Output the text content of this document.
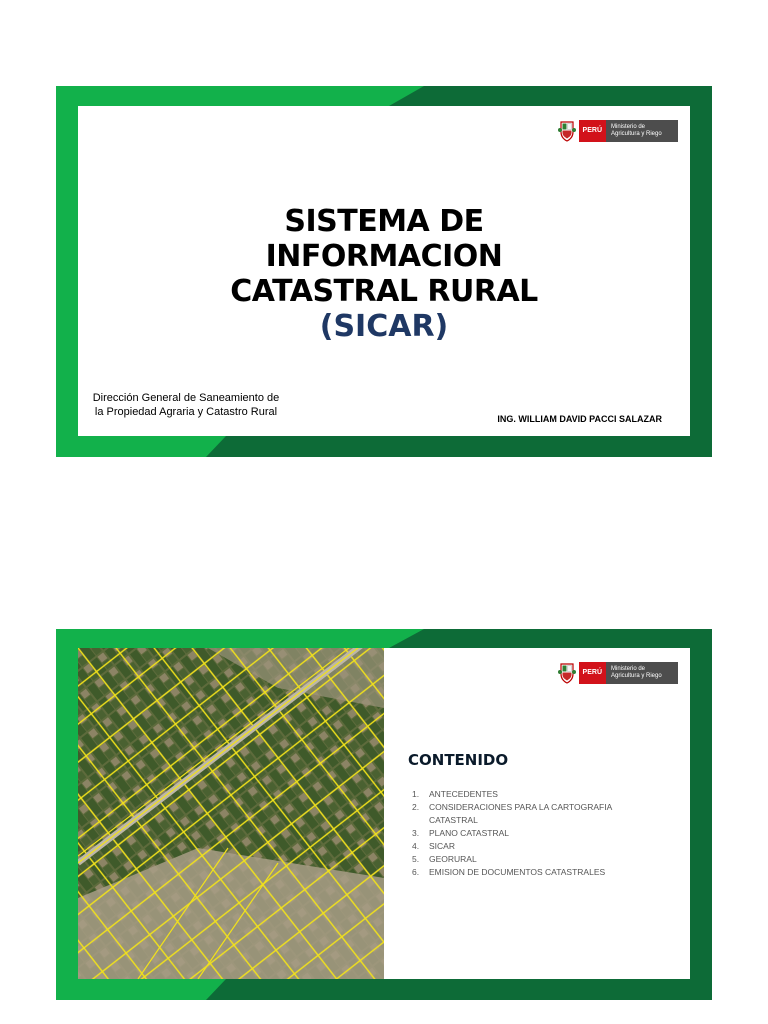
PERÚ	Ministerio de Agricultura y Riego
SISTEMA DE
INFORMACION
CATASTRAL RURAL
(SICAR)
Dirección General de Saneamiento de
la Propiedad Agraria y Catastro Rural
ING. WILLIAM DAVID PACCI SALAZAR
PERÚ	Ministerio de Agricultura y Riego
CONTENIDO
1.	ANTECEDENTES
2.	CONSIDERACIONES PARA LA CARTOGRAFIA CATASTRAL
3.	PLANO CATASTRAL
4.	SICAR
5.	GEORURAL
6.	EMISION DE DOCUMENTOS CATASTRALES
